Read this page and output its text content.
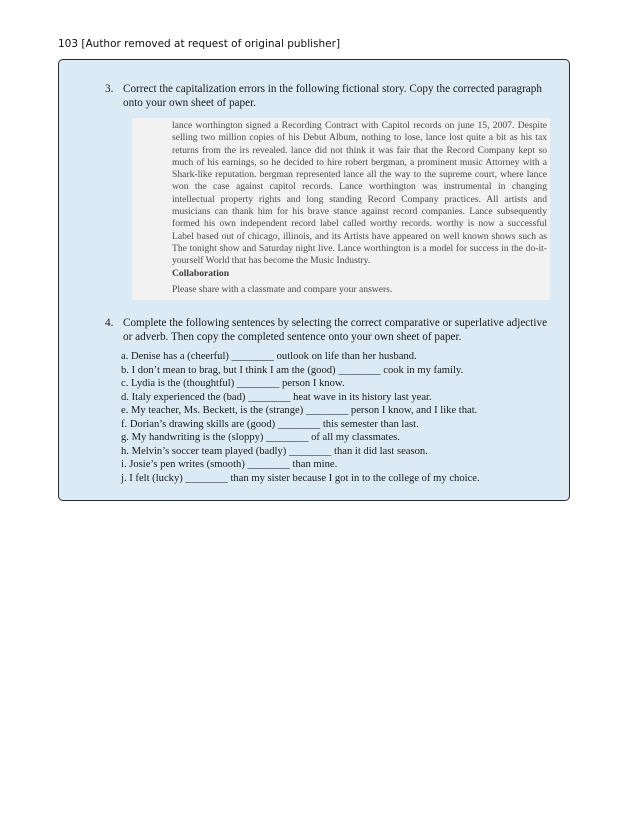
103 [Author removed at request of original publisher]
3. Correct the capitalization errors in the following fictional story. Copy the corrected paragraph onto your own sheet of paper.

lance worthington signed a Recording Contract with Capitol records on june 15, 2007. Despite selling two million copies of his Debut Album, nothing to lose, lance lost quite a bit as his tax returns from the irs revealed. lance did not think it was fair that the Record Company kept so much of his earnings, so he decided to hire robert bergman, a prominent music Attorney with a Shark-like reputation. bergman represented lance all the way to the supreme court, where lance won the case against capitol records. Lance worthington was instrumental in changing intellectual property rights and long standing Record Company practices. All artists and musicians can thank him for his brave stance against record companies. Lance subsequently formed his own independent record label called worthy records. worthy is now a successful Label based out of chicago, illinois, and its Artists have appeared on well known shows such as The tonight show and Saturday night live. Lance worthington is a model for success in the do-it-yourself World that has become the Music Industry.

Collaboration

Please share with a classmate and compare your answers.

4. Complete the following sentences by selecting the correct comparative or superlative adjective or adverb. Then copy the completed sentence onto your own sheet of paper.
a. Denise has a (cheerful) ________ outlook on life than her husband.
b. I don’t mean to brag, but I think I am the (good) ________ cook in my family.
c. Lydia is the (thoughtful) ________ person I know.
d. Italy experienced the (bad) ________ heat wave in its history last year.
e. My teacher, Ms. Beckett, is the (strange) ________ person I know, and I like that.
f. Dorian’s drawing skills are (good) ________ this semester than last.
g. My handwriting is the (sloppy) ________ of all my classmates.
h. Melvin’s soccer team played (badly) ________ than it did last season.
i. Josie’s pen writes (smooth) ________ than mine.
j. I felt (lucky) ________ than my sister because I got in to the college of my choice.
